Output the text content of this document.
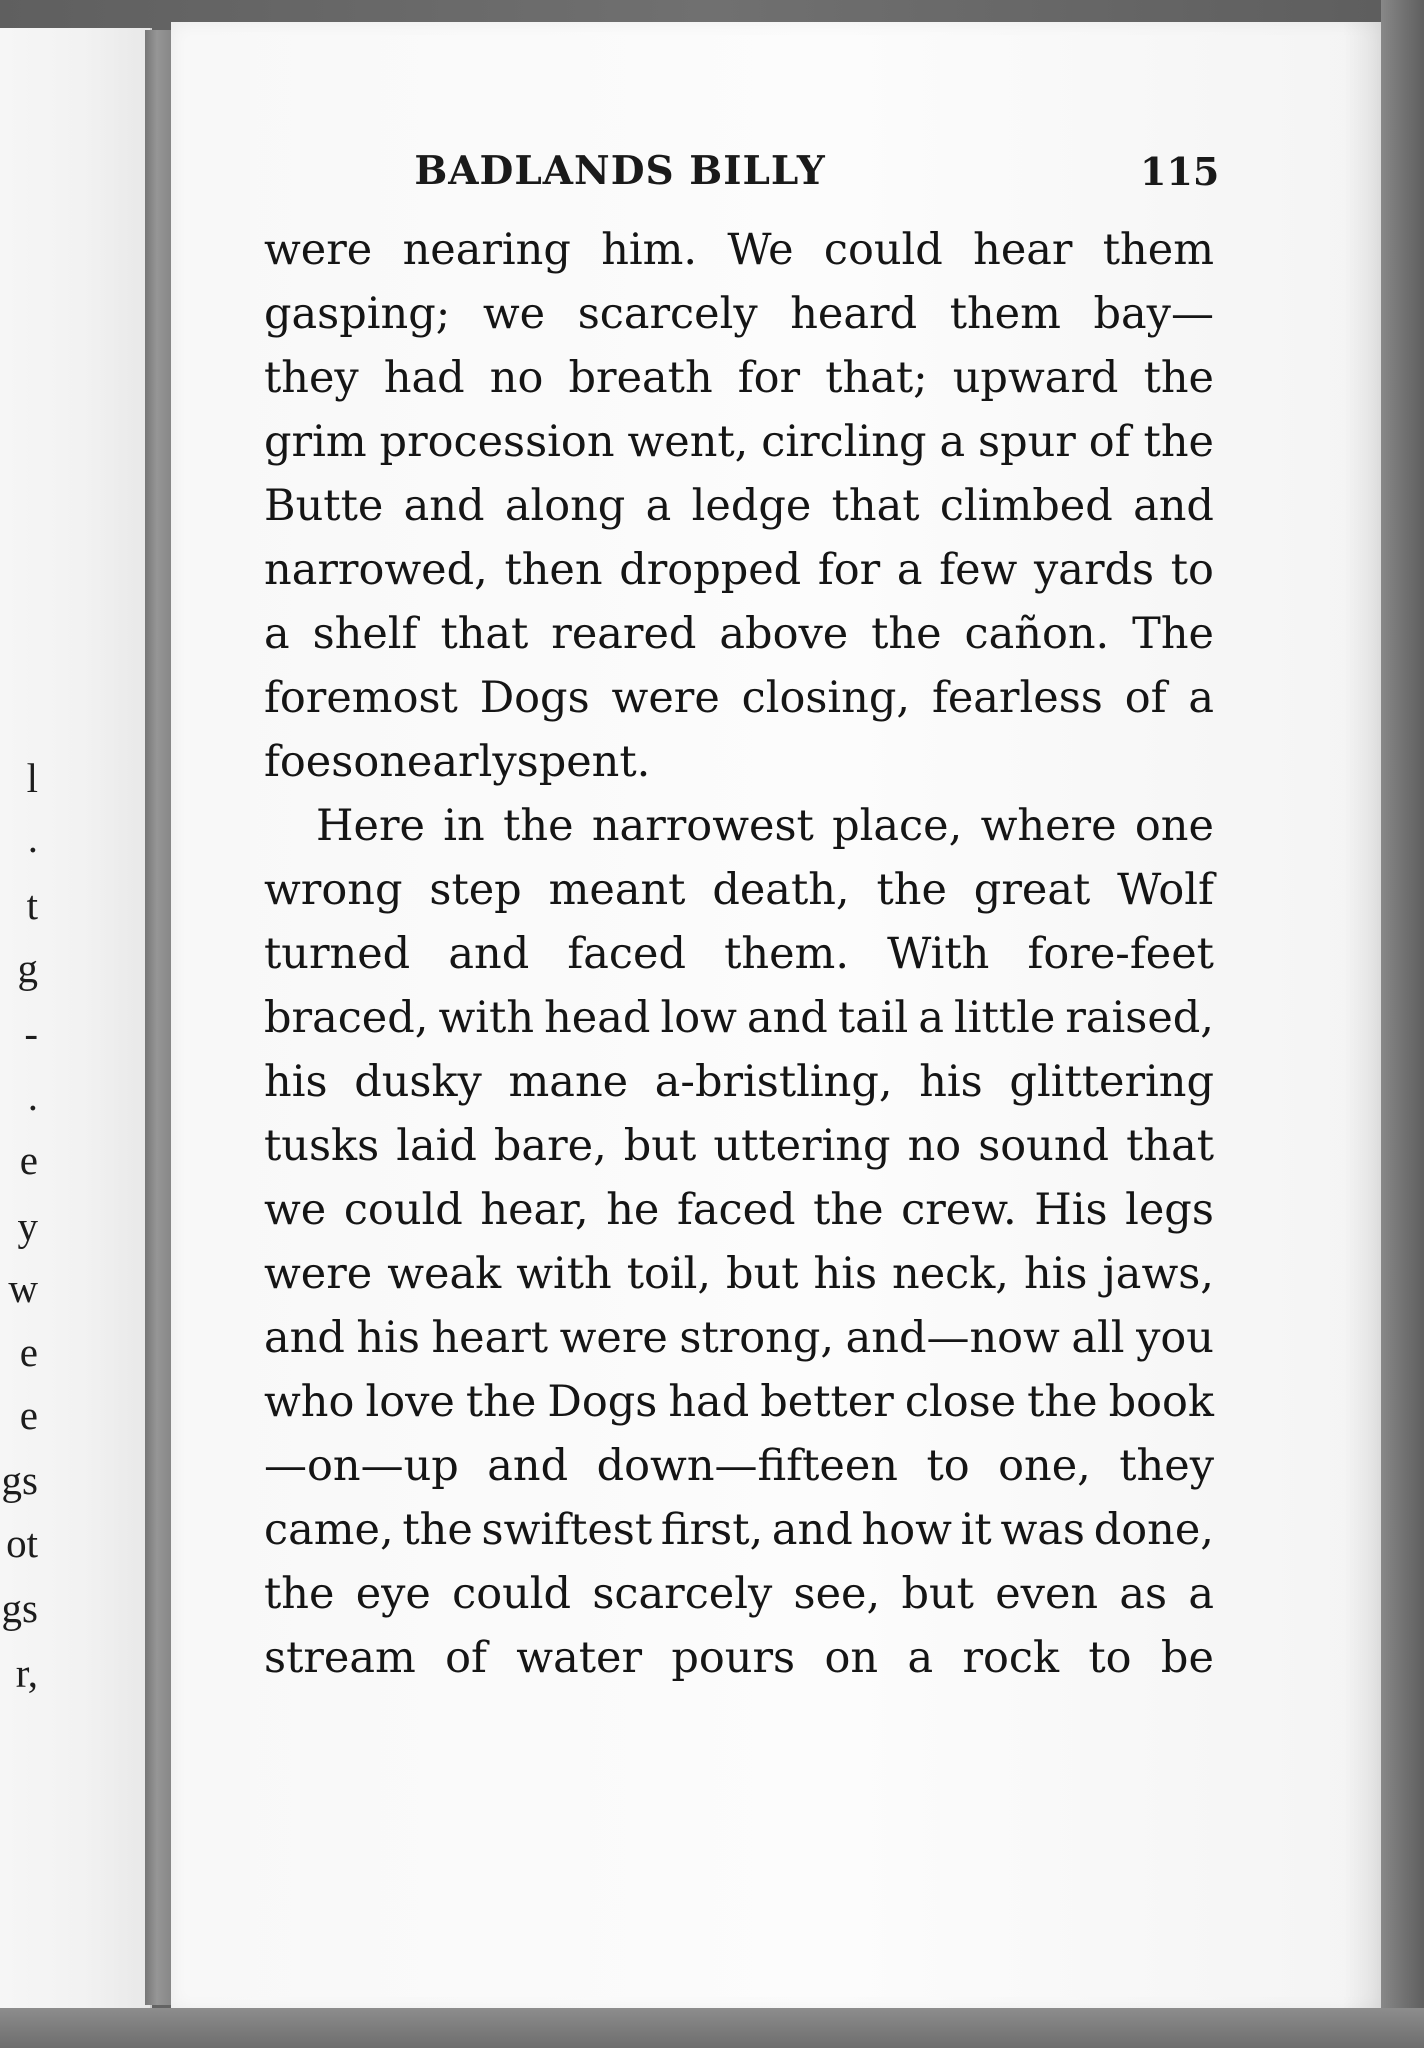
l
.
t
g
-
.
e
y
w
e
e
gs
ot
gs
r,
BADLANDS BILLY	115
were nearing him. We could hear them
gasping; we scarcely heard them bay—
they had no breath for that; upward the
grim procession went, circling a spur of the
Butte and along a ledge that climbed and
narrowed, then dropped for a few yards to
a shelf that reared above the cañon. The
foremost Dogs were closing, fearless of a
foe so nearly spent.
Here in the narrowest place, where one
wrong step meant death, the great Wolf
turned and faced them. With fore-feet
braced, with head low and tail a little raised,
his dusky mane a-bristling, his glittering
tusks laid bare, but uttering no sound that
we could hear, he faced the crew. His legs
were weak with toil, but his neck, his jaws,
and his heart were strong, and—now all you
who love the Dogs had better close the book
—on—up and down—fifteen to one, they
came, the swiftest first, and how it was done,
the eye could scarcely see, but even as a
stream of water pours on a rock to be
